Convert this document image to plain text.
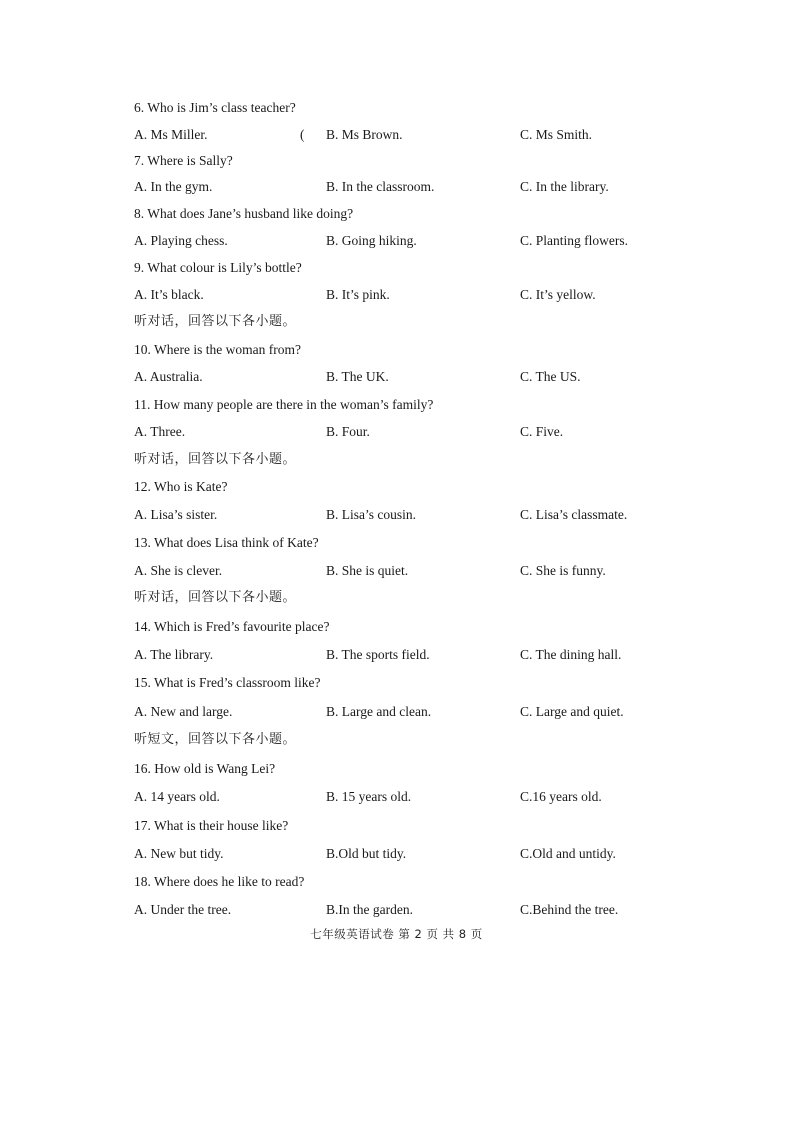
6. Who is Jim’s class teacher?
A. Ms Miller.	( B. Ms Brown.	C. Ms Smith.
7. Where is Sally?
A. In the gym.	B. In the classroom.	C. In the library.
8. What does Jane’s husband like doing?
A. Playing chess.	B. Going hiking.	C. Planting flowers.
9. What colour is Lily’s bottle?
A. It’s black.	B. It’s pink.	C. It’s yellow.
听对话，回答以下各小题。
10. Where is the woman from?
A. Australia.	B. The UK.	C. The US.
11. How many people are there in the woman’s family?
A. Three.	B. Four.	C. Five.
听对话，回答以下各小题。
12. Who is Kate?
A. Lisa’s sister.	B. Lisa’s cousin.	C. Lisa’s classmate.
13. What does Lisa think of Kate?
A. She is clever.	B. She is quiet.	C. She is funny.
听对话，回答以下各小题。
14. Which is Fred’s favourite place?
A. The library.	B. The sports field.	C. The dining hall.
15. What is Fred’s classroom like?
A. New and large.	B. Large and clean.	C. Large and quiet.
听短文，回答以下各小题。
16. How old is Wang Lei?
A. 14 years old.	B. 15 years old.	C.16 years old.
17. What is their house like?
A. New but tidy.	B.Old but tidy.	C.Old and untidy.
18. Where does he like to read?
A. Under the tree.	B.In the garden.	C.Behind the tree.
七年级英语试卷 第 2 页 共 8 页
